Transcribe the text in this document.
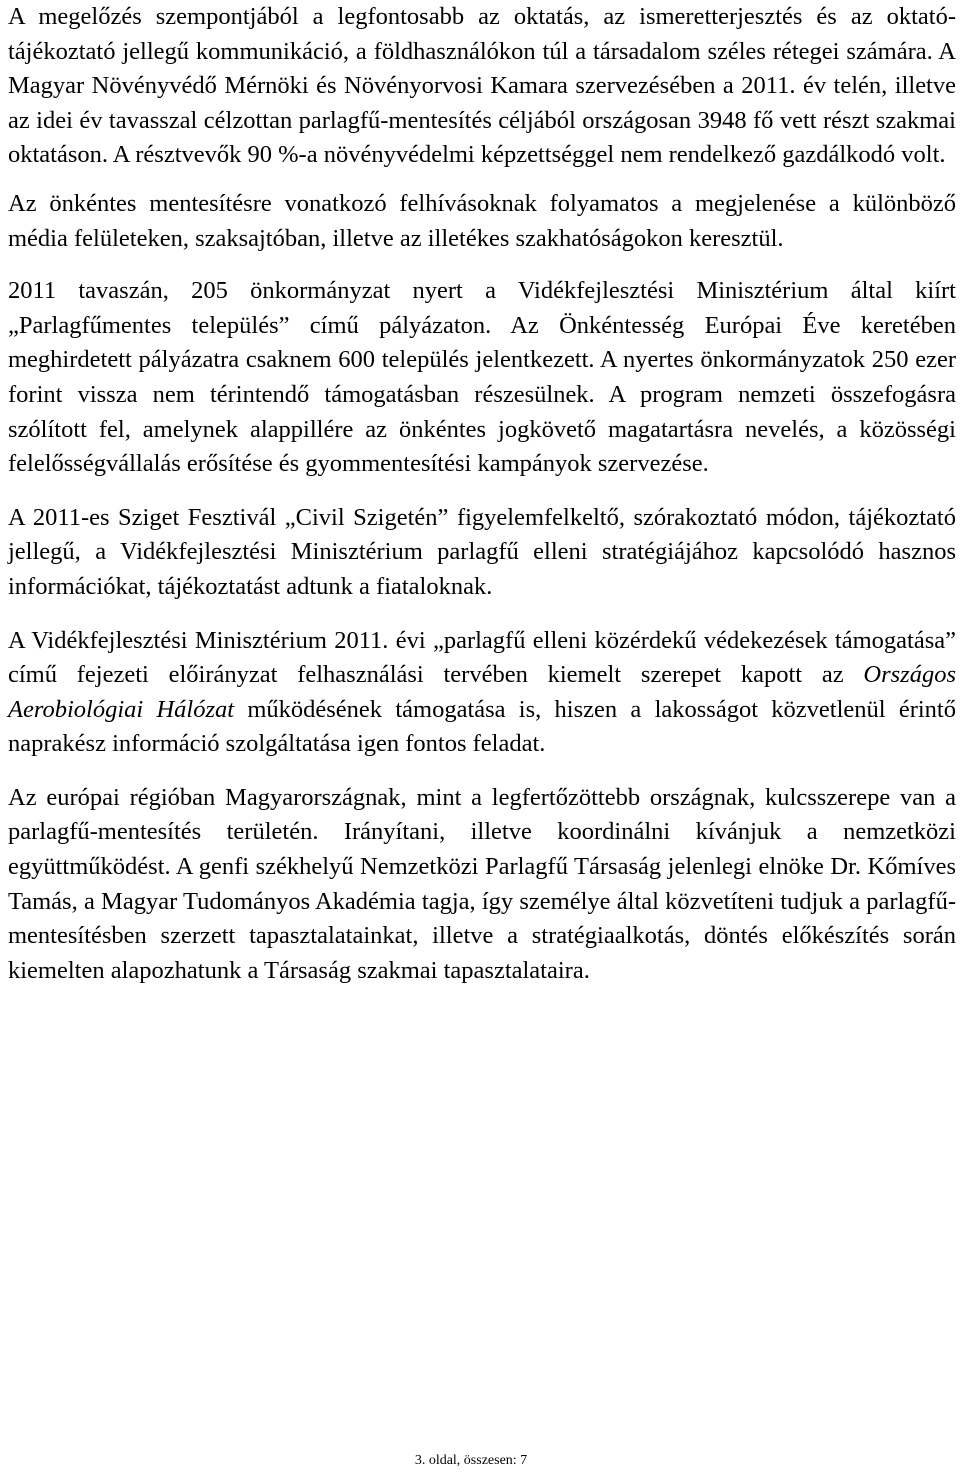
A megelőzés szempontjából a legfontosabb az oktatás, az ismeretterjesztés és az oktató-tájékoztató jellegű kommunikáció, a földhasználókon túl a társadalom széles rétegei számára. A Magyar Növényvédő Mérnöki és Növényorvosi Kamara szervezésében a 2011. év telén, illetve az idei év tavasszal célzottan parlagfű-mentesítés céljából országosan 3948 fő vett részt szakmai oktatáson. A résztvevők 90 %-a növényvédelmi képzettséggel nem rendelkező gazdálkodó volt.

Az önkéntes mentesítésre vonatkozó felhívásoknak folyamatos a megjelenése a különböző média felületeken, szaksajtóban, illetve az illetékes szakhatóságokon keresztül.

2011 tavaszán, 205 önkormányzat nyert a Vidékfejlesztési Minisztérium által kiírt „Parlagfűmentes település” című pályázaton. Az Önkéntesség Európai Éve keretében meghirdetett pályázatra csaknem 600 település jelentkezett. A nyertes önkormányzatok 250 ezer forint vissza nem térintendő támogatásban részesülnek. A program nemzeti összefogásra szólított fel, amelynek alappillére az önkéntes jogkövető magatartásra nevelés, a közösségi felelősségvállalás erősítése és gyommentesítési kampányok szervezése.

A 2011-es Sziget Fesztivál „Civil Szigetén” figyelemfelkeltő, szórakoztató módon, tájékoztató jellegű, a Vidékfejlesztési Minisztérium parlagfű elleni stratégiájához kapcsolódó hasznos információkat, tájékoztatást adtunk a fiataloknak.

A Vidékfejlesztési Minisztérium 2011. évi „parlagfű elleni közérdekű védekezések támogatása” című fejezeti előirányzat felhasználási tervében kiemelt szerepet kapott az Országos Aerobiológiai Hálózat működésének támogatása is, hiszen a lakosságot közvetlenül érintő naprakész információ szolgáltatása igen fontos feladat.

Az európai régióban Magyarországnak, mint a legfertőzöttebb országnak, kulcsszerepe van a parlagfű-mentesítés területén. Irányítani, illetve koordinálni kívánjuk a nemzetközi együttműködést. A genfi székhelyű Nemzetközi Parlagfű Társaság jelenlegi elnöke Dr. Kőmíves Tamás, a Magyar Tudományos Akadémia tagja, így személye által közvetíteni tudjuk a parlagfű-mentesítésben szerzett tapasztalatainkat, illetve a stratégiaalkotás, döntés előkészítés során kiemelten alapozhatunk a Társaság szakmai tapasztalataira.

3. oldal, összesen: 7
